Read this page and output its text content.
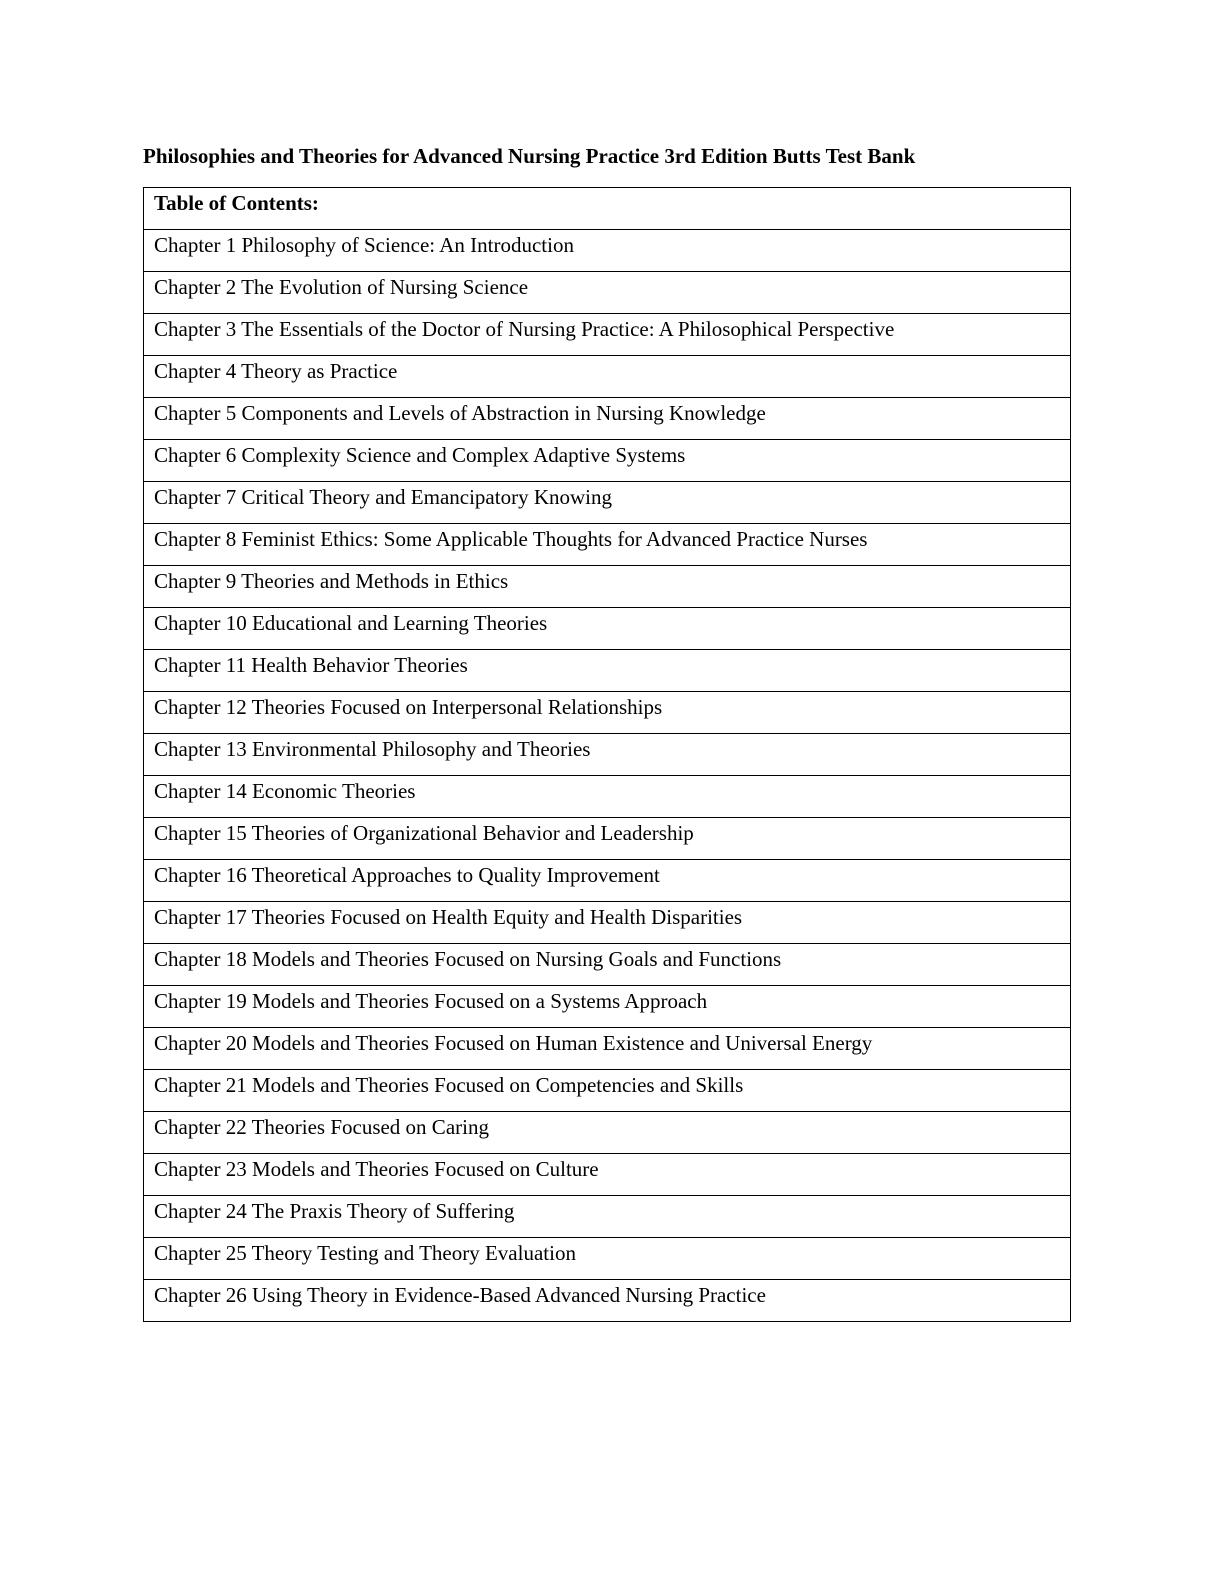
Philosophies and Theories for Advanced Nursing Practice 3rd Edition Butts Test Bank
Table of Contents:
Chapter 1 Philosophy of Science: An Introduction
Chapter 2 The Evolution of Nursing Science
Chapter 3 The Essentials of the Doctor of Nursing Practice: A Philosophical Perspective
Chapter 4 Theory as Practice
Chapter 5 Components and Levels of Abstraction in Nursing Knowledge
Chapter 6 Complexity Science and Complex Adaptive Systems
Chapter 7 Critical Theory and Emancipatory Knowing
Chapter 8 Feminist Ethics: Some Applicable Thoughts for Advanced Practice Nurses
Chapter 9 Theories and Methods in Ethics
Chapter 10 Educational and Learning Theories
Chapter 11 Health Behavior Theories
Chapter 12 Theories Focused on Interpersonal Relationships
Chapter 13 Environmental Philosophy and Theories
Chapter 14 Economic Theories
Chapter 15 Theories of Organizational Behavior and Leadership
Chapter 16 Theoretical Approaches to Quality Improvement
Chapter 17 Theories Focused on Health Equity and Health Disparities
Chapter 18 Models and Theories Focused on Nursing Goals and Functions
Chapter 19 Models and Theories Focused on a Systems Approach
Chapter 20 Models and Theories Focused on Human Existence and Universal Energy
Chapter 21 Models and Theories Focused on Competencies and Skills
Chapter 22 Theories Focused on Caring
Chapter 23 Models and Theories Focused on Culture
Chapter 24 The Praxis Theory of Suffering
Chapter 25 Theory Testing and Theory Evaluation
Chapter 26 Using Theory in Evidence-Based Advanced Nursing Practice
